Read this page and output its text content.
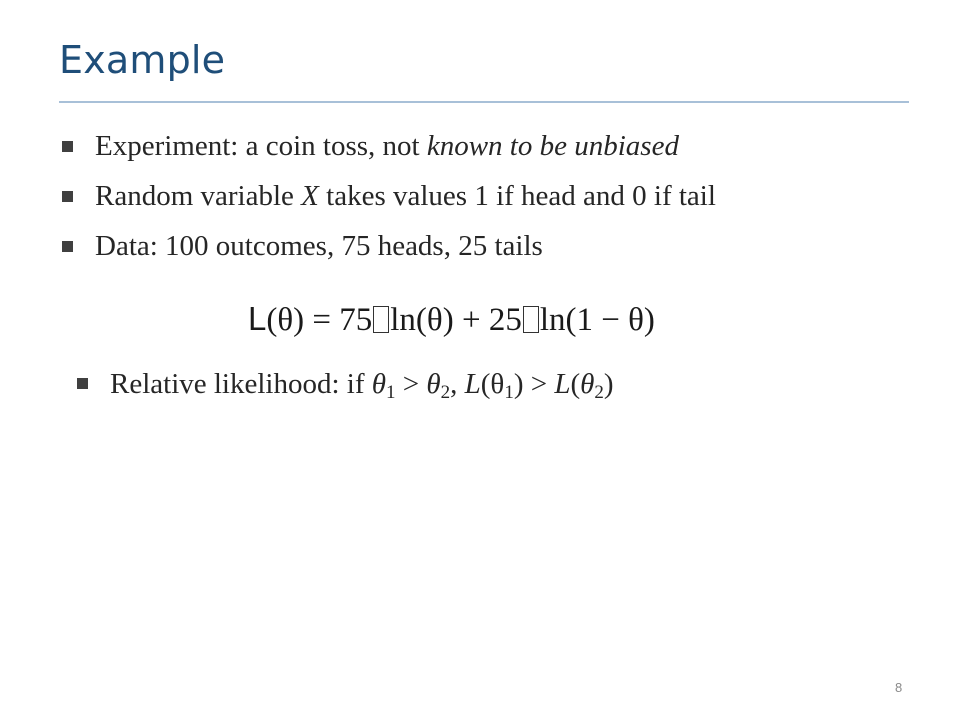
Example
Experiment: a coin toss, not known to be unbiased
Random variable X takes values 1 if head and 0 if tail
Data: 100 outcomes, 75 heads, 25 tails
L(θ) = 75 ln(θ) + 25 ln(1 − θ)
Relative likelihood: if $\theta_1 > \theta_2$, $L(\theta_1) > L(\theta_2)$
8
